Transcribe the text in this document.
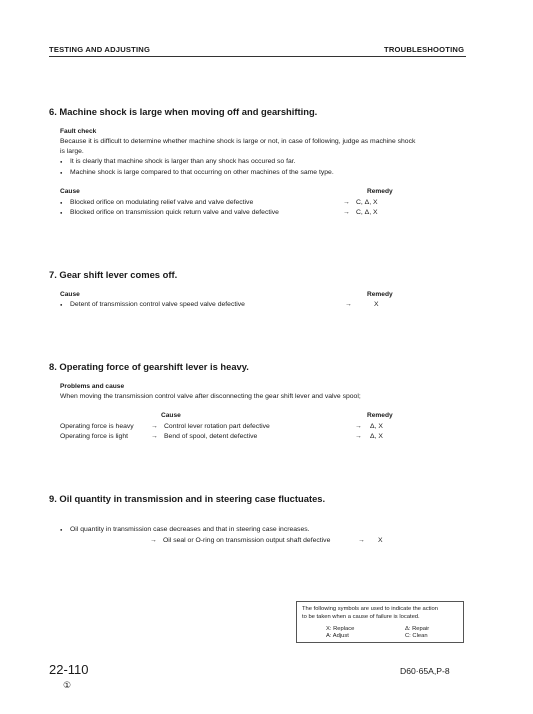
TESTING AND ADJUSTING	TROUBLESHOOTING
6. Machine shock is large when moving off and gearshifting.
Fault check
Because it is difficult to determine whether machine shock is large or not, in case of following, judge as machine shock
is large.
● It is clearly that machine shock is larger than any shock has occured so far.
● Machine shock is large compared to that occurring on other machines of the same type.
Cause	Remedy
● Blocked orifice on modulating relief valve and valve defective	→ C, Δ, X
● Blocked orifice on transmission quick return valve and valve defective	→ C, Δ, X
7. Gear shift lever comes off.
Cause	Remedy
● Detent of transmission control valve speed valve defective	→	X
8. Operating force of gearshift lever is heavy.
Problems and cause
When moving the transmission control valve after disconnecting the gear shift lever and valve spool;
Cause	Remedy
Operating force is heavy	→ Control lever rotation part defective	→ Δ, X
Operating force is light	→ Bend of spool, detent defective	→ Δ, X
9. Oil quantity in transmission and in steering case fluctuates.
● Oil quantity in transmission case decreases and that in steering case increases.
→ Oil seal or O-ring on transmission output shaft defective	→ X
The following symbols are used to indicate the action
to be taken when a cause of failure is located.
X: Replace	Δ: Repair
A: Adjust	C: Clean
22-110
①
D60·65A,P-8
